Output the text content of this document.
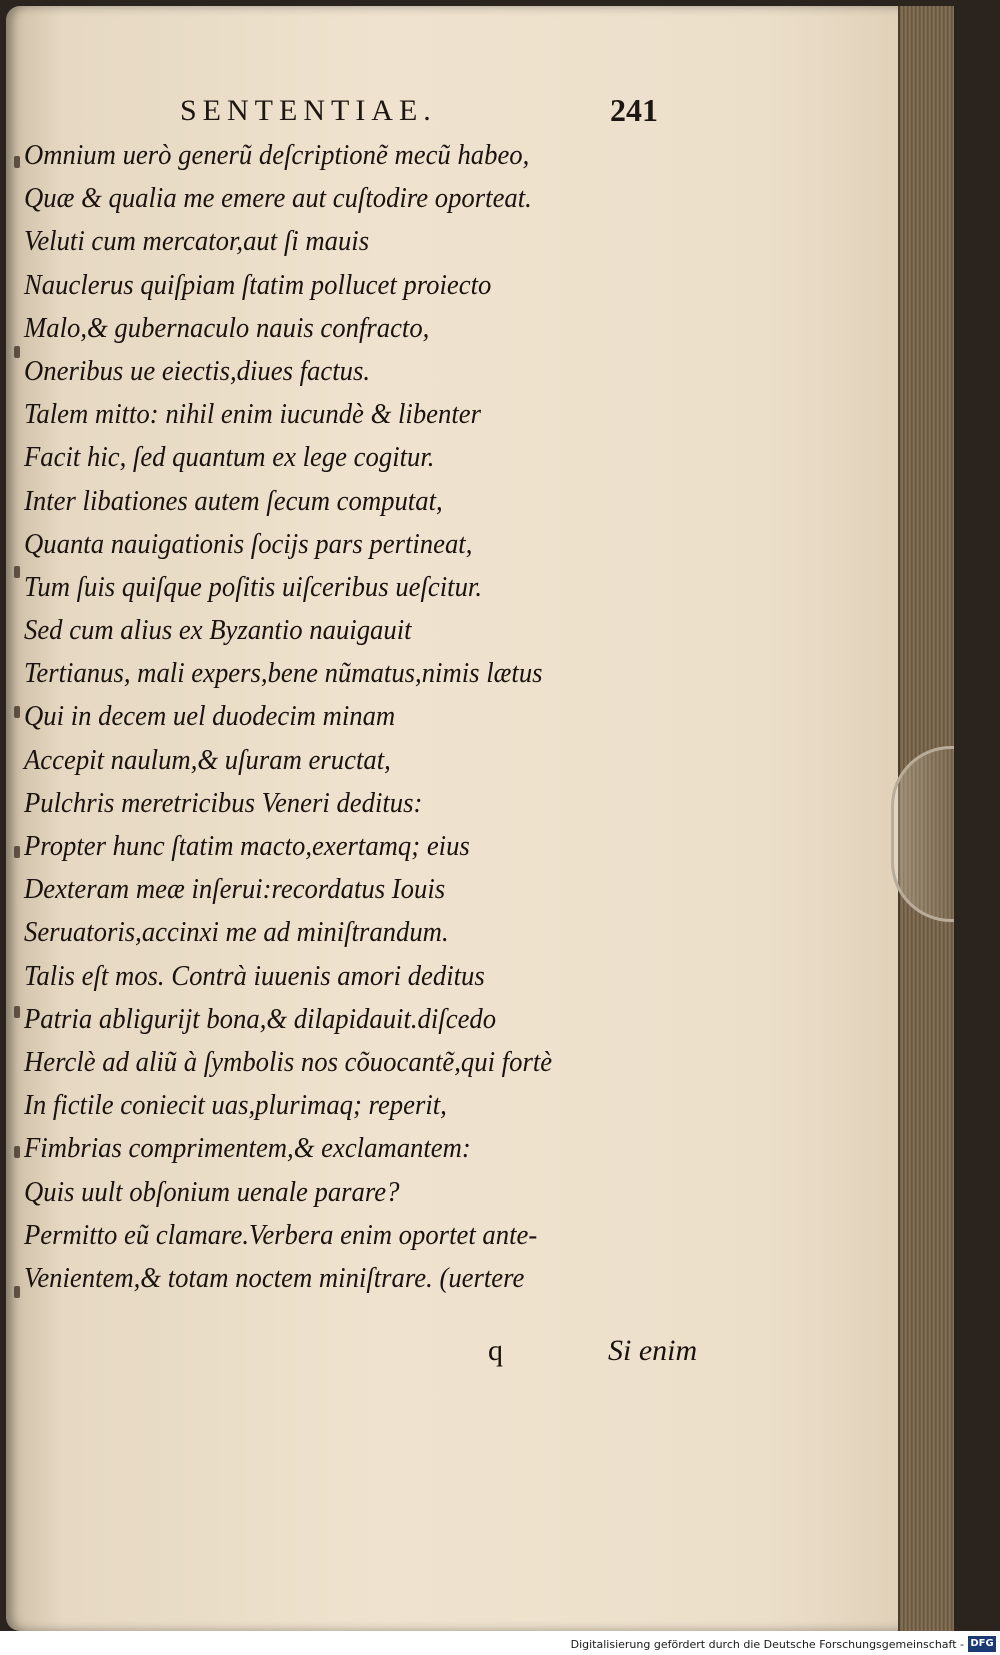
SENTENTIAE.	241
Omnium uerò generũ deſcriptionẽ mecũ habeo,
Quæ & qualia me emere aut cuſtodire oporteat.
Veluti cum mercator,aut ſi mauis
Nauclerus quiſpiam ſtatim pollucet proiecto
Malo,& gubernaculo nauis confracto,
Oneribus ue eiectis,diues factus.
Talem mitto: nihil enim iucundè & libenter
Facit hic, ſed quantum ex lege cogitur.
Inter libationes autem ſecum computat,
Quanta nauigationis ſocijs pars pertineat,
Tum ſuis quiſque poſitis uiſceribus ueſcitur.
Sed cum alius ex Byzantio nauigauit
Tertianus, mali expers,bene nũmatus,nimis lætus
Qui in decem uel duodecim minam
Accepit naulum,& uſuram eructat,
Pulchris meretricibus Veneri deditus:
Propter hunc ſtatim macto,exertamq; eius
Dexteram meæ inſerui:recordatus Iouis
Seruatoris,accinxi me ad miniſtrandum.
Talis eſt mos. Contrà iuuenis amori deditus
Patria abligurijt bona,& dilapidauit.diſcedo
Herclè ad aliũ à ſymbolis nos cõuocantẽ,qui fortè
In fictile coniecit uas,plurimaq; reperit,
Fimbrias comprimentem,& exclamantem:
Quis uult obſonium uenale parare?
Permitto eũ clamare.Verbera enim oportet ante-
Venientem,& totam noctem miniſtrare. (uertere
q	Si enim
Digitalisierung gefördert durch die Deutsche Forschungsgemeinschaft - DFG
